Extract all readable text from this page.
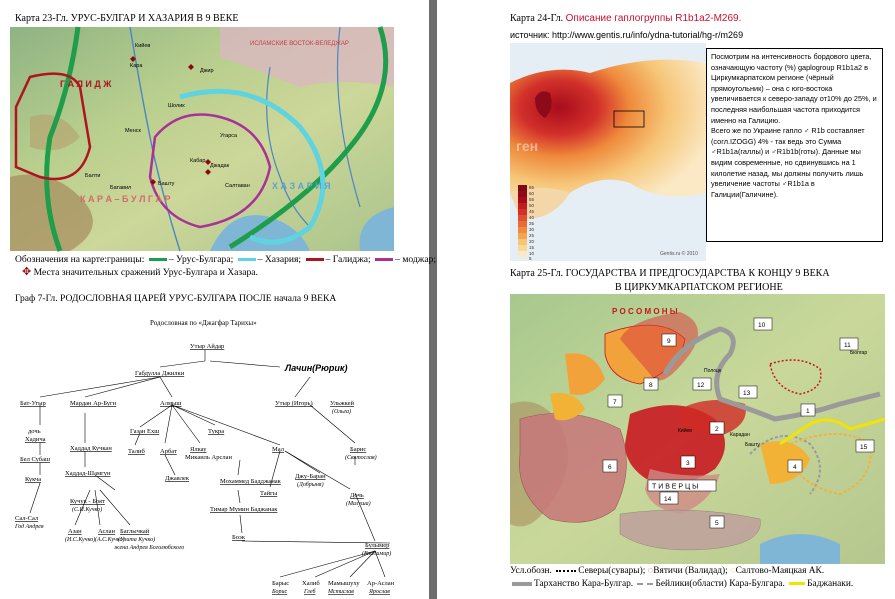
Карта 23-Гл. УРУС-БУЛГАР И ХАЗАРИЯ В 9 ВЕКЕ
Г А Л И Д Ж
К А Р А – Б У Л Г А Р
Х А З А Р И Я
ИСЛАМСКИЕ ВОСТОК-ВЕЛЕДЖАР
Кийев
Менск
Кара
Джир
Башту
Балти
Батавил
Джадак
Салтаван
Кабар
Шолик
Угарса
Обозначения на карте:границы:	– Урус-Булгара;	– Хазария;	– Галиджа;	– моджар;
✥ Места значительных сражений Урус-Булгара и Хазара.
Граф 7-Гл. РОДОСЛОВНАЯ ЦАРЕЙ УРУС-БУЛГАРА ПОСЛЕ начала 9 ВЕКА
Родословная по «Джагфар Тарихы»
Утыр Айдар
Габдулла Джилки
Лачин(Рюрик)
Бат-Угыр	Мардан Ар-Бугн	Алмыш	Утыр (Игорь)	Ульжкей
(Ольга)
дочь
Хадича
Бел Субаш
Кукча
Хаддад Кучкан
Хаддад-Шамгун
Кучук - Боят
(С.И.Кучко)
Сал-Сал
Год Андрея
Азан
(И.С.Кучко)
Аслан
(А.С.Кучко)
Баглычкай
(Улита Кучко)
жена Андрея Боголюбского
Газан Ехш
Талиб Арбат
Джаялек
Ялкау
Микаиль Арслан
Тукра
Мохаммед Бадджанак
Тимар Мумин Баджанак
Боэк
Мал
Тайгы
Джу-Баран
(Добрыня)
Барис
(Святослав)
Дочь
(Малуша)
Булымер
(Владимир)
Барыс
Борис
Халиб
Глеб
Мамышуху
Мстислав
Ар-Аслан
Ярослав
Карта 24-Гл. Описание гаплогруппы R1b1a2-M269.
источник: http://www.gentis.ru/info/ydna-tutorial/hg-r/m269
ген
65
60
55
50
45
40
35
30
25
20
15
10
5
Gentis.ru © 2010

Посмотрим на интенсивность бордового цвета, означающую частоту (%) gaplogroup R1b1a2 в Циркумкарпатском регионе (чёрный прямоугольник) – она с юго-востока увеличивается к северо-западу от10% до 25%, и последняя наибольшая частота приходится именно на Галицию.

Всего же по Украине гапло ♂ R1b составляет (согл.IZOGG) 4% - так ведь это Сумма ♂R1b1a(галлы) и ♂R1b1b(готы). Данные мы видим современные, но сдвинувшись на 1 килолетие назад, мы должны получить лишь увеличение частоты ♂R1b1a в Галиции(Галичине).

Карта 25-Гл. ГОСУДАРСТВА И ПРЕДГОСУДАРСТВА К КОНЦУ 9 ВЕКА
В ЦИРКУМКАРПАТСКОМ РЕГИОНЕ
1
2
3
4
5
6
7
8
9
10
11
12
13
14
15
Р О С О М О Н Ы
Т И В Е Р Ц Ы
Полоцк
Кийев
Карадан
Башту
Бюлгар
Усл.обозн.	Северы(сувары); ◌Вятичи (Валидад); ◌Салтово-Маяцкая АК.
Тарханство Кара-Булгар. Бейлики(области) Кара-Булгара. Баджанаки.
